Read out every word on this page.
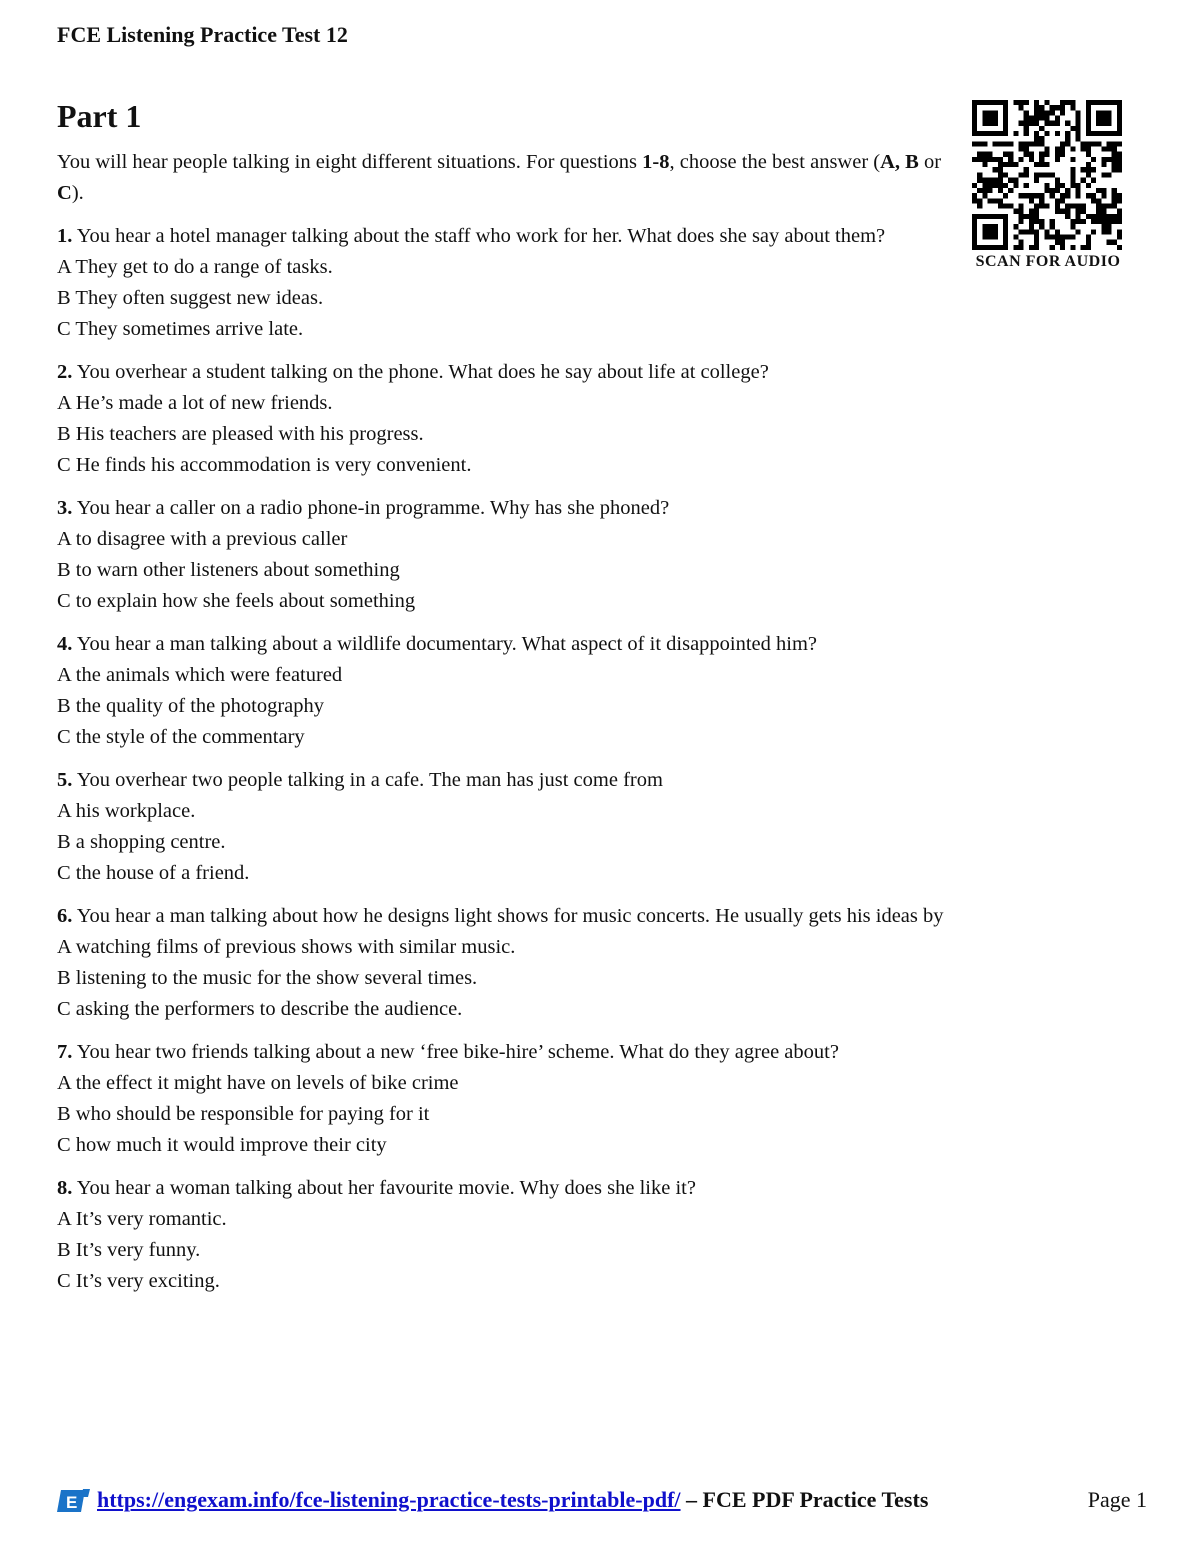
FCE Listening Practice Test 12
Part 1
SCAN FOR AUDIO

You will hear people talking in eight different situations. For questions 1-8, choose the best answer (A, B or C).

1. You hear a hotel manager talking about the staff who work for her. What does she say about them?
A They get to do a range of tasks.
B They often suggest new ideas.
C They sometimes arrive late.
2. You overhear a student talking on the phone. What does he say about life at college?
A He’s made a lot of new friends.
B His teachers are pleased with his progress.
C He finds his accommodation is very convenient.
3. You hear a caller on a radio phone-in programme. Why has she phoned?
A to disagree with a previous caller
B to warn other listeners about something
C to explain how she feels about something
4. You hear a man talking about a wildlife documentary. What aspect of it disappointed him?
A the animals which were featured
B the quality of the photography
C the style of the commentary
5. You overhear two people talking in a cafe. The man has just come from
A his workplace.
B a shopping centre.
C the house of a friend.
6. You hear a man talking about how he designs light shows for music concerts. He usually gets his ideas by
A watching films of previous shows with similar music.
B listening to the music for the show several times.
C asking the performers to describe the audience.
7. You hear two friends talking about a new ‘free bike-hire’ scheme. What do they agree about?
A the effect it might have on levels of bike crime
B who should be responsible for paying for it
C how much it would improve their city
8. You hear a woman talking about her favourite movie. Why does she like it?
A It’s very romantic.
B It’s very funny.
C It’s very exciting.
E https://engexam.info/fce-listening-practice-tests-printable-pdf/ – FCE PDF Practice Tests	Page 1
